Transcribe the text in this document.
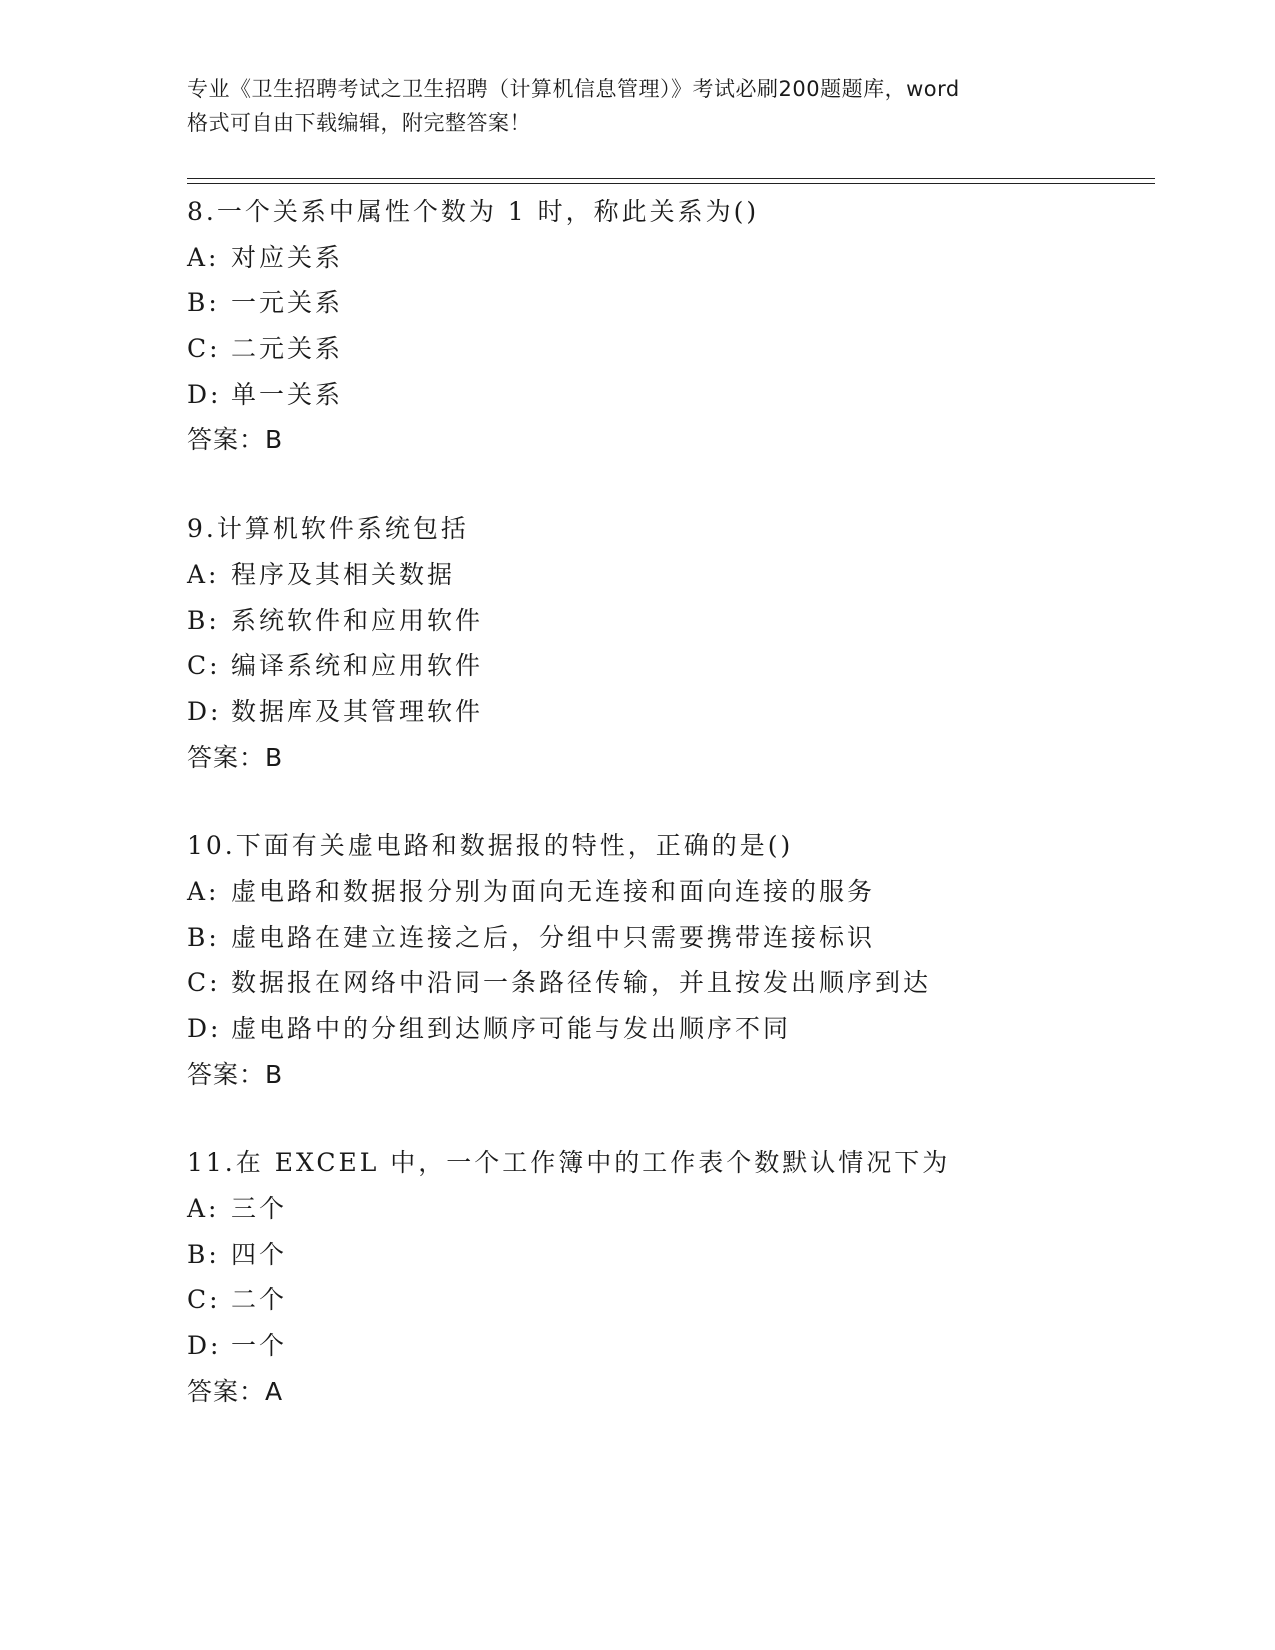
专业《卫生招聘考试之卫生招聘（计算机信息管理）》考试必刷200题题库，word
格式可自由下载编辑，附完整答案！
8.一个关系中属性个数为 1 时，称此关系为()
A: 对应关系
B: 一元关系
C: 二元关系
D: 单一关系
答案：B
9.计算机软件系统包括
A: 程序及其相关数据
B: 系统软件和应用软件
C: 编译系统和应用软件
D: 数据库及其管理软件
答案：B
10.下面有关虚电路和数据报的特性，正确的是()
A: 虚电路和数据报分别为面向无连接和面向连接的服务
B: 虚电路在建立连接之后，分组中只需要携带连接标识
C: 数据报在网络中沿同一条路径传输，并且按发出顺序到达
D: 虚电路中的分组到达顺序可能与发出顺序不同
答案：B
11.在 EXCEL 中，一个工作簿中的工作表个数默认情况下为
A: 三个
B: 四个
C: 二个
D: 一个
答案：A
